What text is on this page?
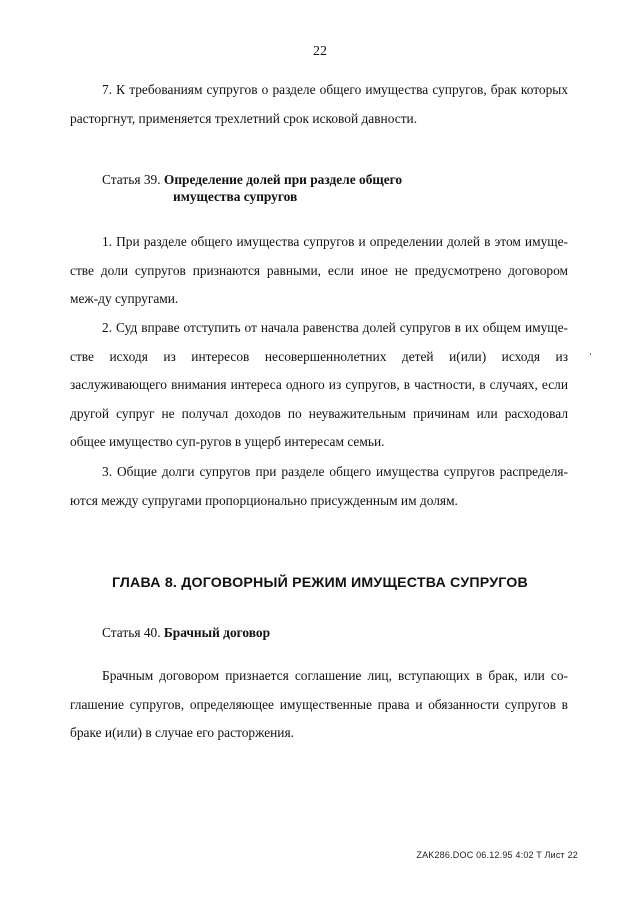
22

7. К требованиям супругов о разделе общего имущества супругов, брак которых расторгнут, применяется трехлетний срок исковой давности.

Статья 39. Определение долей при разделе общего

имущества супругов

1. При разделе общего имущества супругов и определении долей в этом имуще-стве доли супругов признаются равными, если иное не предусмотрено договором меж-ду супругами.

2. Суд вправе отступить от начала равенства долей супругов в их общем имуще-стве исходя из интересов несовершеннолетних детей и(или) исходя из заслуживающего внимания интереса одного из супругов, в частности, в случаях, если другой супруг не получал доходов по неуважительным причинам или расходовал общее имущество суп-ругов в ущерб интересам семьи.

3. Общие долги супругов при разделе общего имущества супругов распределя-ются между супругами пропорционально присужденным им долям.

ГЛАВА 8. ДОГОВОРНЫЙ РЕЖИМ ИМУЩЕСТВА СУПРУГОВ

Статья 40. Брачный договор

Брачным договором признается соглашение лиц, вступающих в брак, или со-глашение супругов, определяющее имущественные права и обязанности супругов в браке и(или) в случае его расторжения.

ZAK286.DOC 06.12.95 4:02 T Лист 22
